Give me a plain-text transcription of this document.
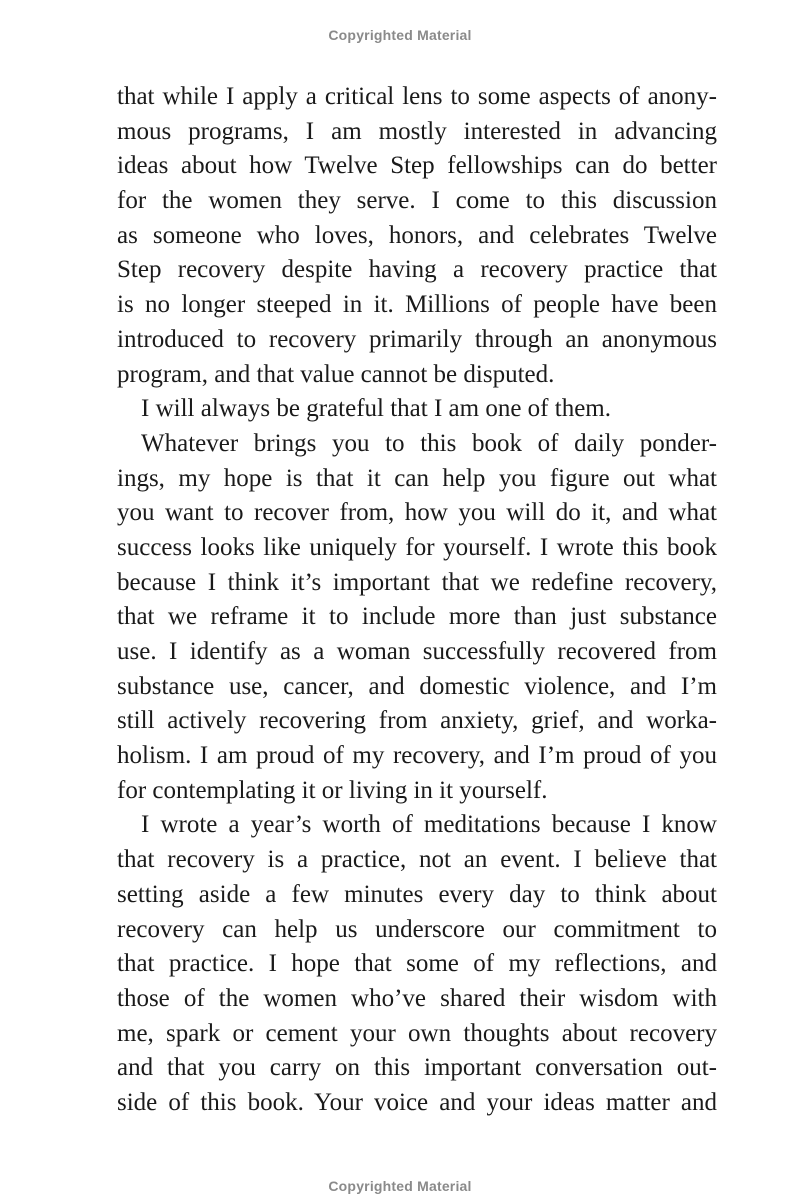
Copyrighted Material
that while I apply a critical lens to some aspects of anony-
mous programs, I am mostly interested in advancing
ideas about how Twelve Step fellowships can do better
for the women they serve. I come to this discussion
as someone who loves, honors, and celebrates Twelve
Step recovery despite having a recovery practice that
is no longer steeped in it. Millions of people have been
introduced to recovery primarily through an anonymous
program, and that value cannot be disputed.
I will always be grateful that I am one of them.
Whatever brings you to this book of daily ponder-
ings, my hope is that it can help you figure out what
you want to recover from, how you will do it, and what
success looks like uniquely for yourself. I wrote this book
because I think it’s important that we redefine recovery,
that we reframe it to include more than just substance
use. I identify as a woman successfully recovered from
substance use, cancer, and domestic violence, and I’m
still actively recovering from anxiety, grief, and worka-
holism. I am proud of my recovery, and I’m proud of you
for contemplating it or living in it yourself.
I wrote a year’s worth of meditations because I know
that recovery is a practice, not an event. I believe that
setting aside a few minutes every day to think about
recovery can help us underscore our commitment to
that practice. I hope that some of my reflections, and
those of the women who’ve shared their wisdom with
me, spark or cement your own thoughts about recovery
and that you carry on this important conversation out-
side of this book. Your voice and your ideas matter and
Copyrighted Material
